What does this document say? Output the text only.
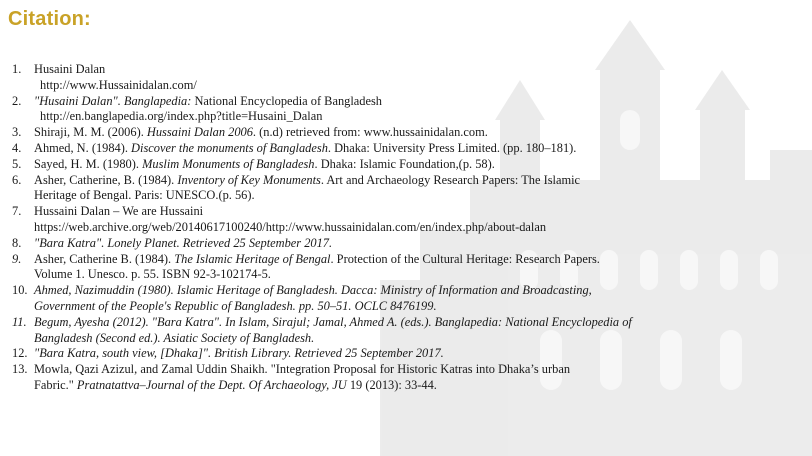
Citation:
1. Husaini Dalan
http://www.Hussainidalan.com/
2. "Husaini Dalan". Banglapedia: National Encyclopedia of Bangladesh
http://en.banglapedia.org/index.php?title=Husaini_Dalan
3. Shiraji, M. M. (2006). Hussaini Dalan 2006. (n.d) retrieved from: www.hussainidalan.com.
4. Ahmed, N. (1984). Discover the monuments of Bangladesh. Dhaka: University Press Limited. (pp. 180–181).
5. Sayed, H. M. (1980). Muslim Monuments of Bangladesh. Dhaka: Islamic Foundation,(p. 58).
6. Asher, Catherine, B. (1984). Inventory of Key Monuments. Art and Archaeology Research Papers: The Islamic
Heritage of Bengal. Paris: UNESCO.(p. 56).
7. Hussaini Dalan – We are Hussaini
https://web.archive.org/web/20140617100240/http://www.hussainidalan.com/en/index.php/about-dalan
8. "Bara Katra". Lonely Planet. Retrieved 25 September 2017.
9. Asher, Catherine B. (1984). The Islamic Heritage of Bengal. Protection of the Cultural Heritage: Research Papers.
Volume 1. Unesco. p. 55. ISBN 92-3-102174-5.
10. Ahmed, Nazimuddin (1980). Islamic Heritage of Bangladesh. Dacca: Ministry of Information and Broadcasting,
Government of the People's Republic of Bangladesh. pp. 50–51. OCLC 8476199.
11. Begum, Ayesha (2012). "Bara Katra". In Islam, Sirajul; Jamal, Ahmed A. (eds.). Banglapedia: National Encyclopedia of
Bangladesh (Second ed.). Asiatic Society of Bangladesh.
12. "Bara Katra, south view, [Dhaka]". British Library. Retrieved 25 September 2017.
13. Mowla, Qazi Azizul, and Zamal Uddin Shaikh. "Integration Proposal for Historic Katras into Dhaka’s urban
Fabric." Pratnatattva–Journal of the Dept. Of Archaeology, JU 19 (2013): 33-44.
